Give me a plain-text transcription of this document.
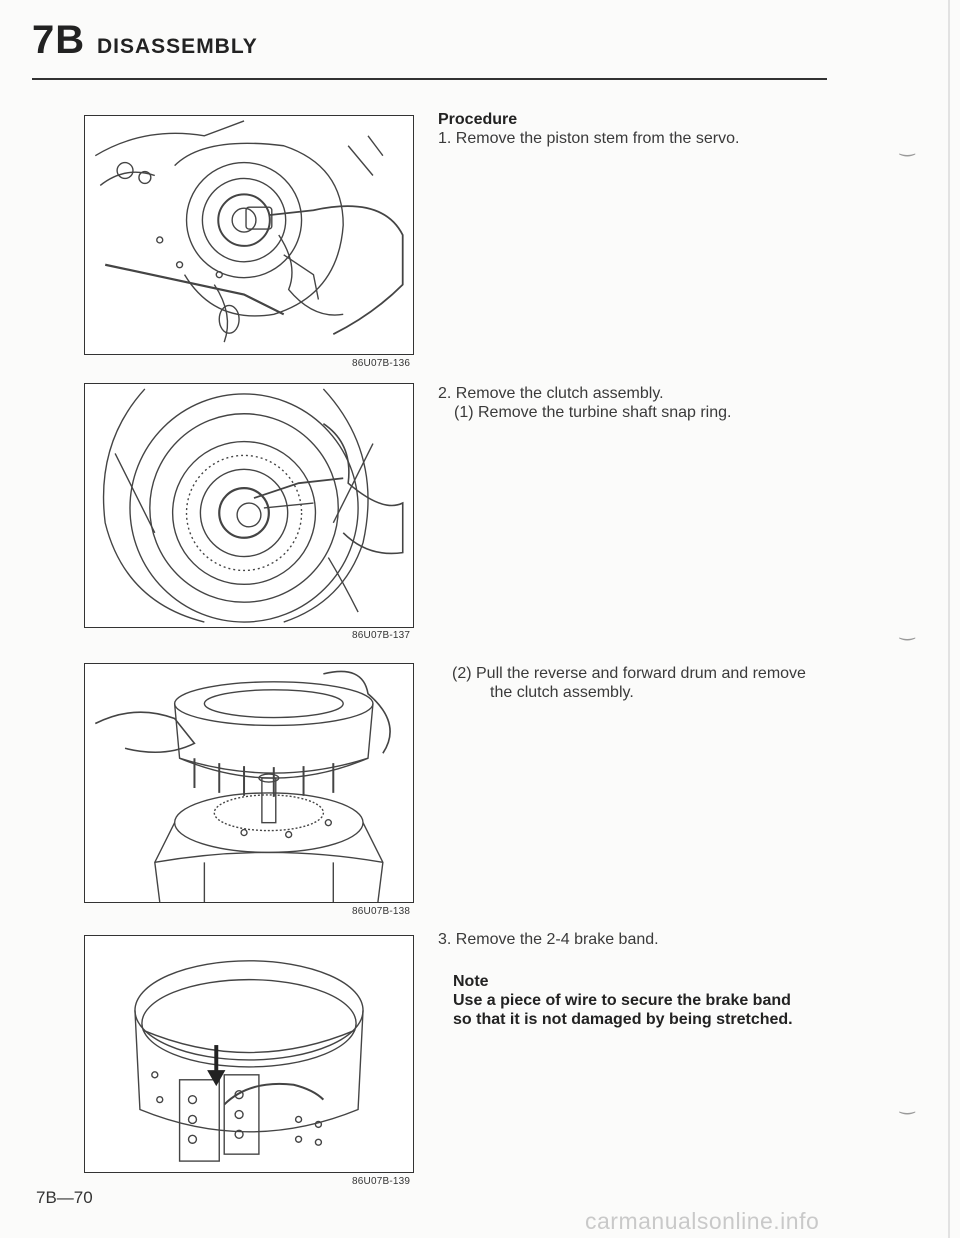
7B DISASSEMBLY
86U07B-136
86U07B-137
86U07B-138
86U07B-139
Procedure
1. Remove the piston stem from the servo.
2. Remove the clutch assembly.
(1) Remove the turbine shaft snap ring.
(2) Pull the reverse and forward drum and remove
the clutch assembly.
3. Remove the 2-4 brake band.
Note
Use a piece of wire to secure the brake band
so that it is not damaged by being stretched.
‿
‿
‿
7B—70
carmanualsonline.info
